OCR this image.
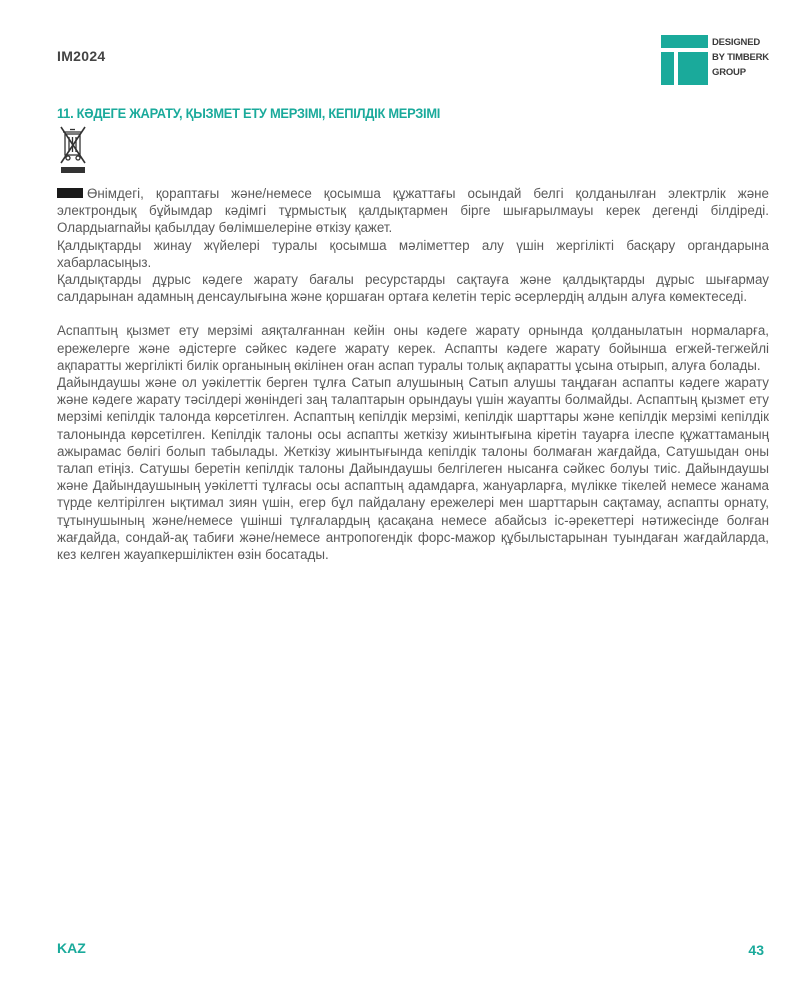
IM2024
DESIGNED
BY TIMBERK
GROUP
11. КӘДЕГЕ ЖАРАТУ, ҚЫЗМЕТ ЕТУ МЕРЗІМІ, КЕПІЛДІК МЕРЗІМІ

Өнімдегі, қораптағы және/немесе қосымша құжаттағы осындай белгі қолданылған электрлік және электрондық бұйымдар кәдімгі тұрмыстық қалдықтармен бірге шығарылмауы керек дегенді білдіреді. Олардыarnайы қабылдау бөлімшелеріне өткізу қажет.

Қалдықтарды жинау жүйелері туралы қосымша мәліметтер алу үшін жергілікті басқару органдарына хабарласыңыз.

Қалдықтарды дұрыс кәдеге жарату бағалы ресурстарды сақтауға және қалдықтарды дұрыс шығармау салдарынан адамның денсаулығына және қоршаған ортаға келетін теріс әсерлердің алдын алуға көмектеседі.

Аспаптың қызмет ету мерзімі аяқталғаннан кейін оны кәдеге жарату орнында қолданылатын нормаларға, ережелерге және әдістерге сәйкес кәдеге жарату керек. Аспапты кәдеге жарату бойынша егжей-тегжейлі ақпаратты жергілікті билік органының өкілінен оған аспап туралы толық ақпаратты ұсына отырып, алуға болады.

Дайындаушы және ол уәкілеттік берген тұлға Сатып алушының Сатып алушы таңдаған аспапты кәдеге жарату және кәдеге жарату тәсілдері жөніндегі заң талаптарын орындауы үшін жауапты болмайды. Аспаптың қызмет ету мерзімі кепілдік талонда көрсетілген. Аспаптың кепілдік мерзімі, кепілдік шарттары және кепілдік мерзімі кепілдік талонында көрсетілген. Кепілдік талоны осы аспапты жеткізу жиынтығына кіретін тауарға ілеспе құжаттаманың ажырамас бөлігі болып табылады. Жеткізу жиынтығында кепілдік талоны болмаған жағдайда, Сатушыдан оны талап етіңіз. Сатушы беретін кепілдік талоны Дайындаушы белгілеген нысанға сәйкес болуы тиіс. Дайындаушы және Дайындаушының уәкілетті тұлғасы осы аспаптың адамдарға, жануарларға, мүлікке тікелей немесе жанама түрде келтірілген ықтимал зиян үшін, егер бұл пайдалану ережелері мен шарттарын сақтамау, аспапты орнату, тұтынушының және/немесе үшінші тұлғалардың қасақана немесе абайсыз іс-әрекеттері нәтижесінде болған жағдайда, сондай-ақ табиғи және/немесе антропогендік форс-мажор құбылыстарынан туындаған жағдайларда, кез келген жауапкершіліктен өзін босатады.

KAZ	43
